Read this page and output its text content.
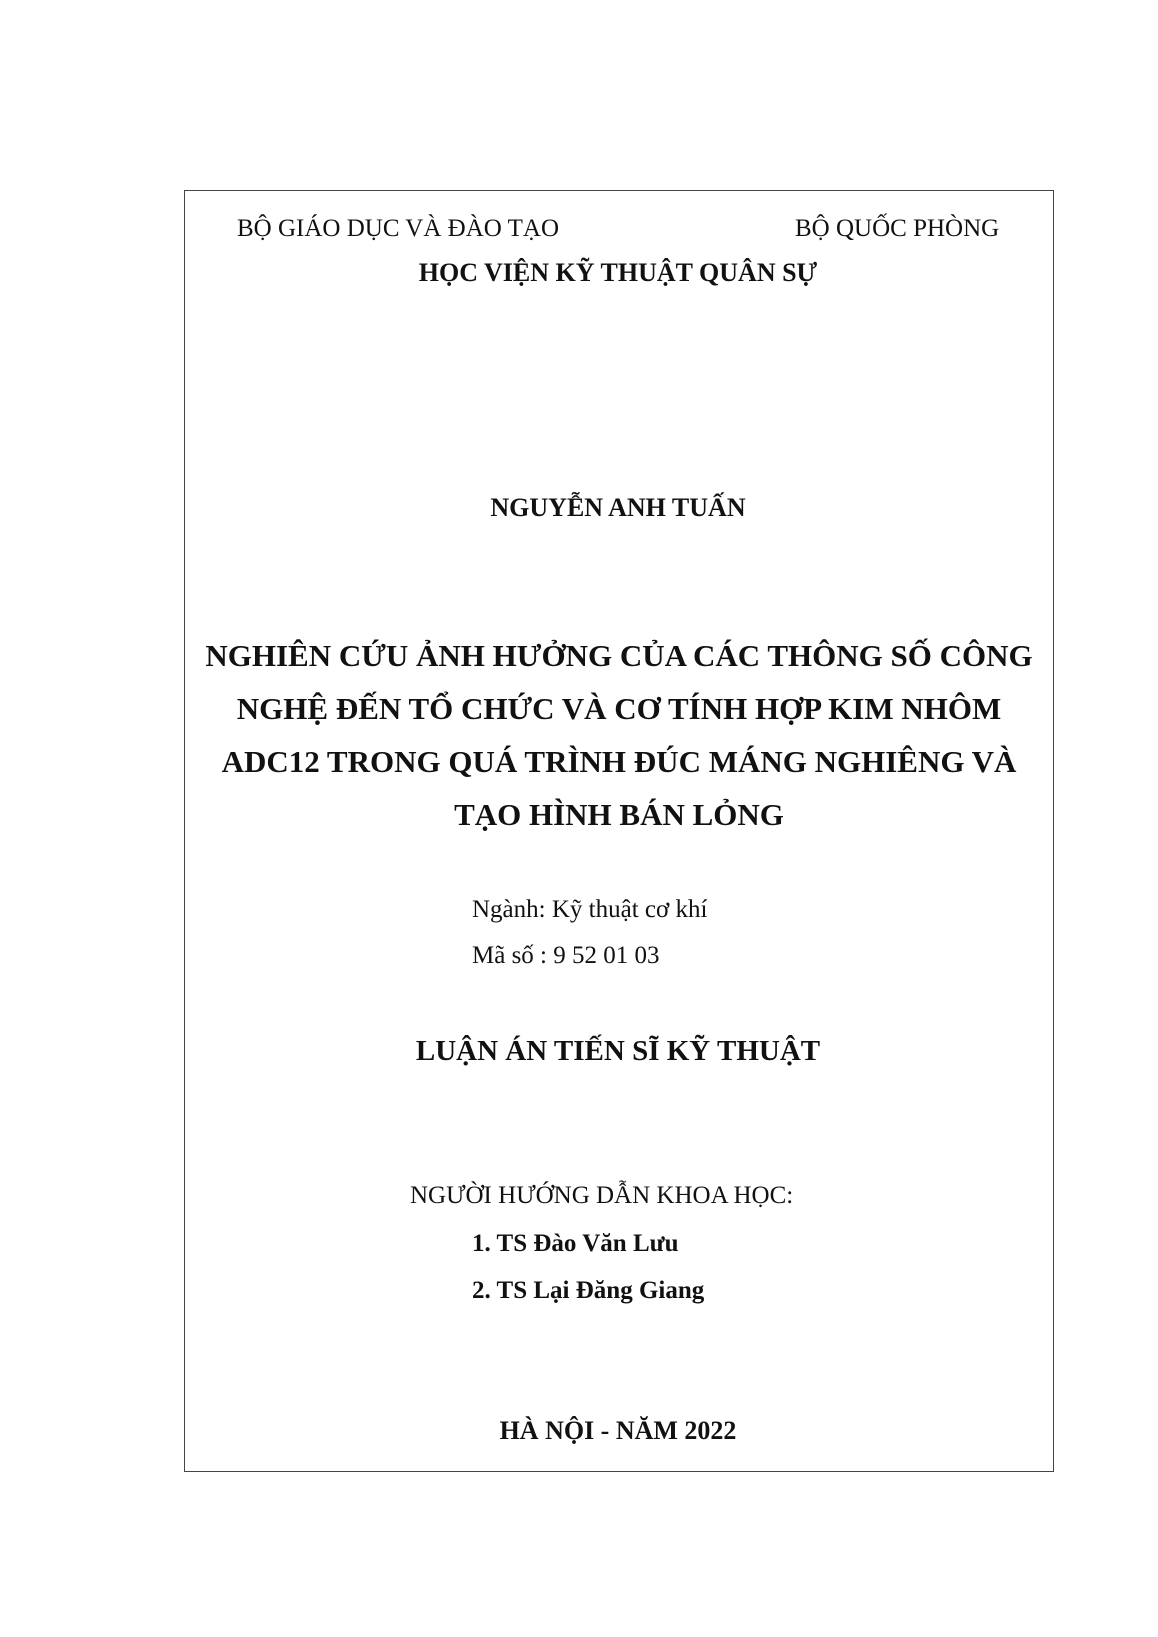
BỘ GIÁO DỤC VÀ ĐÀO TẠO	BỘ QUỐC PHÒNG

HỌC VIỆN KỸ THUẬT QUÂN SỰ

NGUYỄN ANH TUẤN

NGHIÊN CỨU ẢNH HƯỞNG CỦA CÁC THÔNG SỐ CÔNG
NGHỆ ĐẾN TỔ CHỨC VÀ CƠ TÍNH HỢP KIM NHÔM
ADC12 TRONG QUÁ TRÌNH ĐÚC MÁNG NGHIÊNG VÀ
TẠO HÌNH BÁN LỎNG

Ngành: Kỹ thuật cơ khí

Mã số : 9 52 01 03

LUẬN ÁN TIẾN SĨ KỸ THUẬT

NGƯỜI HƯỚNG DẪN KHOA HỌC:

1. TS Đào Văn Lưu

2. TS Lại Đăng Giang

HÀ NỘI - NĂM 2022
